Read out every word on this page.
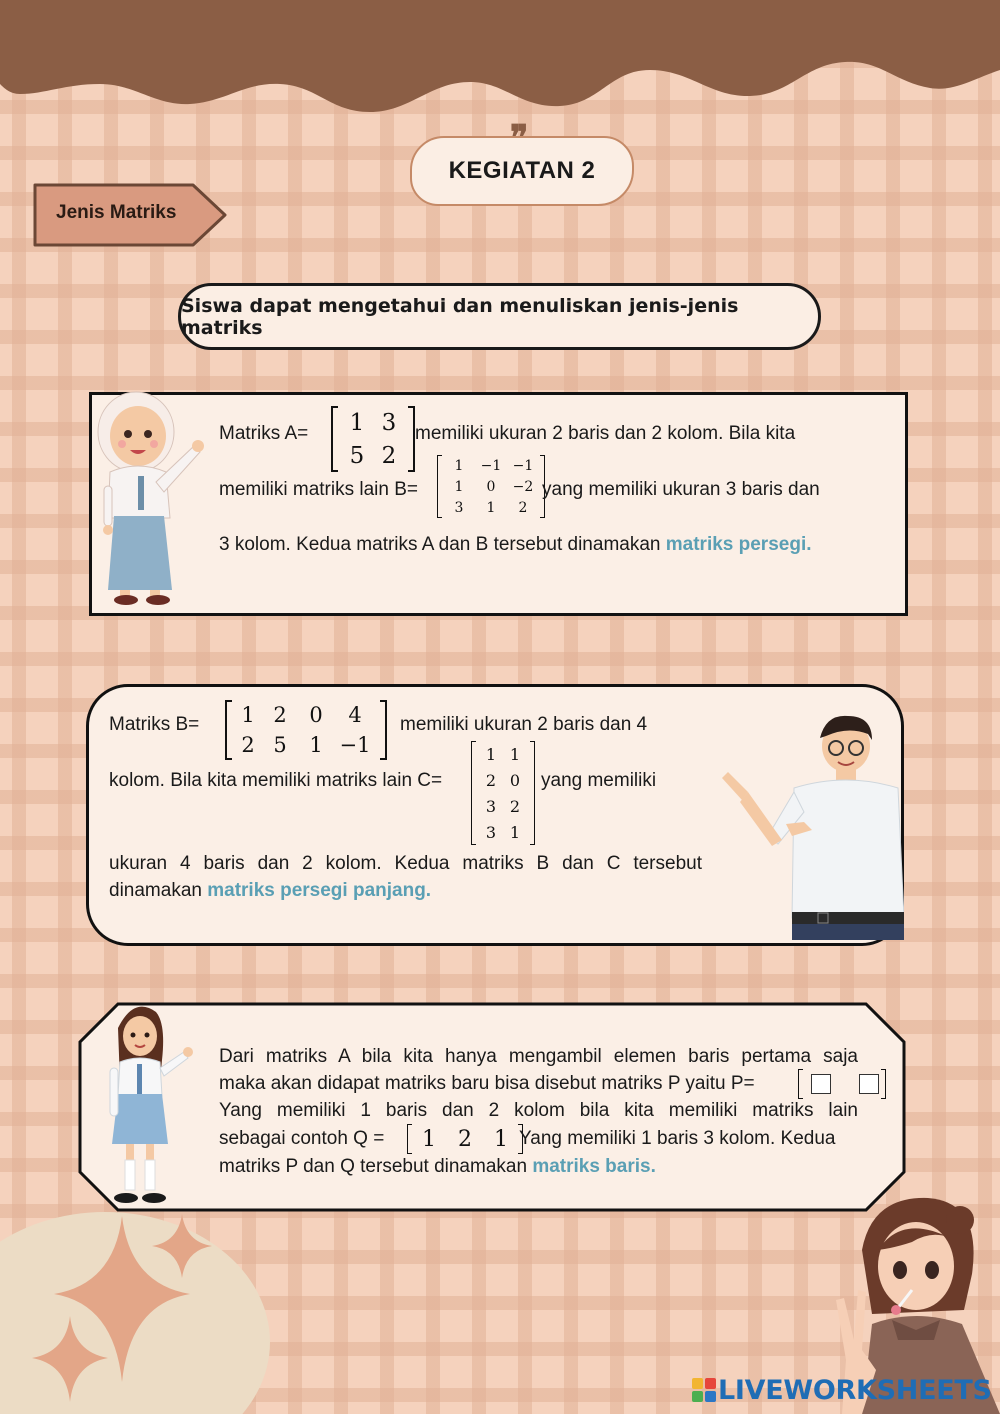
KEGIATAN 2
Jenis Matriks
Siswa dapat mengetahui dan menuliskan jenis-jenis matriks
Matriks A= 1 3
5 2
memiliki ukuran 2 baris dan 2 kolom. Bila kita
memiliki matriks lain B=
1 −1 −1
1 0 −2
3 1 2
yang memiliki ukuran 3 baris dan
3 kolom. Kedua matriks A dan B tersebut dinamakan matriks persegi.
Matriks B= 1 2 0 4
2 5 1 −1
memiliki ukuran 2 baris dan 4
kolom. Bila kita memiliki matriks lain C=
1 1
2 0
3 2
3 1
yang memiliki
ukuran 4 baris dan 2 kolom. Kedua matriks B dan C tersebut
dinamakan matriks persegi panjang.
Dari matriks A bila kita hanya mengambil elemen baris pertama saja
maka akan didapat matriks baru bisa disebut matriks P yaitu P=
Yang memiliki 1 baris dan 2 kolom bila kita memiliki matriks lain
sebagai contoh Q = 1 2 1 Yang memiliki 1 baris 3 kolom. Kedua
matriks P dan Q tersebut dinamakan matriks baris.
LIVEWORKSHEETS
